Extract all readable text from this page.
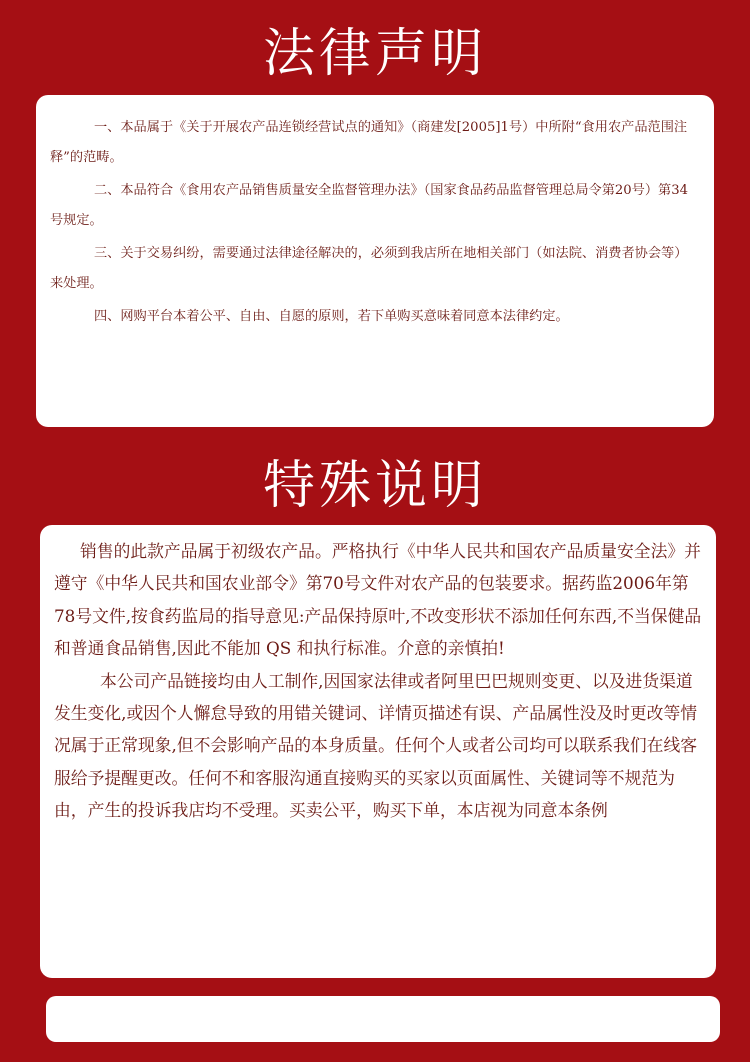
法律声明

一、本品属于《关于开展农产品连锁经营试点的通知》（商建发[2005]1号）中所附“食用农产品范围注释”的范畴。

二、本品符合《食用农产品销售质量安全监督管理办法》（国家食品药品监督管理总局令第20号）第34号规定。

三、关于交易纠纷，需要通过法律途径解决的，必须到我店所在地相关部门（如法院、消费者协会等）来处理。

四、网购平台本着公平、自由、自愿的原则，若下单购买意味着同意本法律约定。

特殊说明

销售的此款产品属于初级农产品。严格执行《中华人民共和国农产品质量安全法》并遵守《中华人民共和国农业部令》第70号文件对农产品的包装要求。据药监2006年第78号文件,按食药监局的指导意见:产品保持原叶,不改变形状不添加任何东西,不当保健品和普通食品销售,因此不能加 QS 和执行标准。介意的亲慎拍!

本公司产品链接均由人工制作,因国家法律或者阿里巴巴规则变更、以及进货渠道发生变化,或因个人懈怠导致的用错关键词、详情页描述有误、产品属性没及时更改等情况属于正常现象,但不会影响产品的本身质量。任何个人或者公司均可以联系我们在线客服给予提醒更改。任何不和客服沟通直接购买的买家以页面属性、关键词等不规范为由，产生的投诉我店均不受理。买卖公平，购买下单，本店视为同意本条例
